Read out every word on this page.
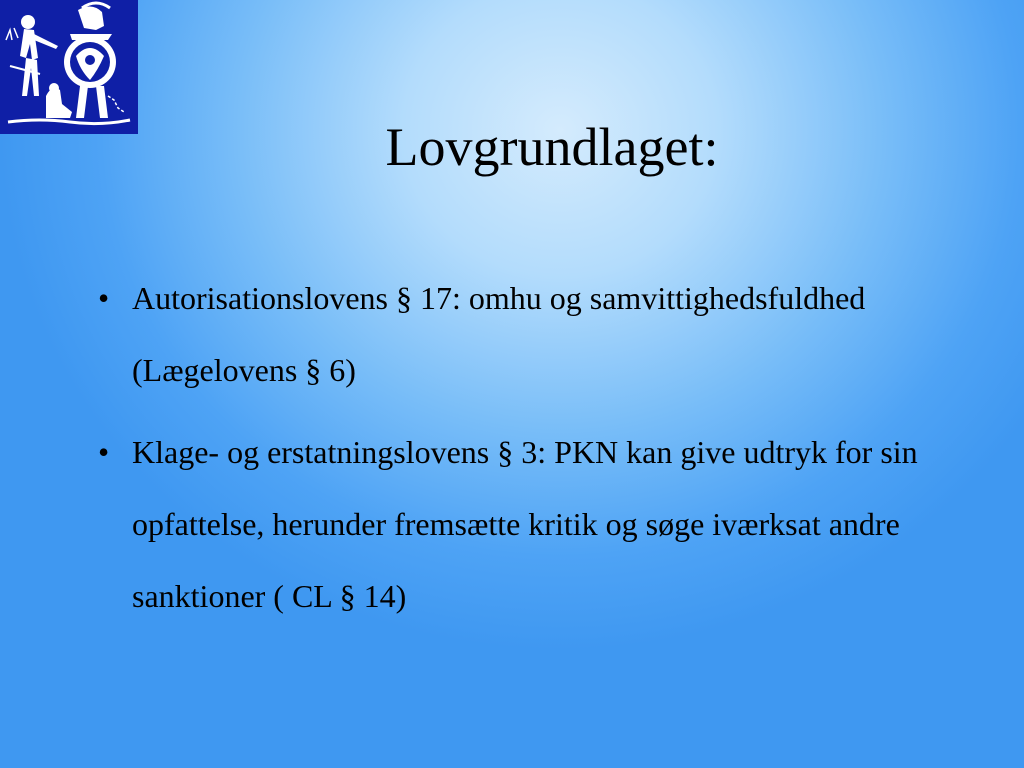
Lovgrundlaget:
• Autorisationslovens § 17: omhu og samvittighedsfuldhed (Lægelovens § 6)
• Klage- og erstatningslovens § 3: PKN kan give udtryk for sin opfattelse, herunder fremsætte kritik og søge iværksat andre sanktioner ( CL § 14)
